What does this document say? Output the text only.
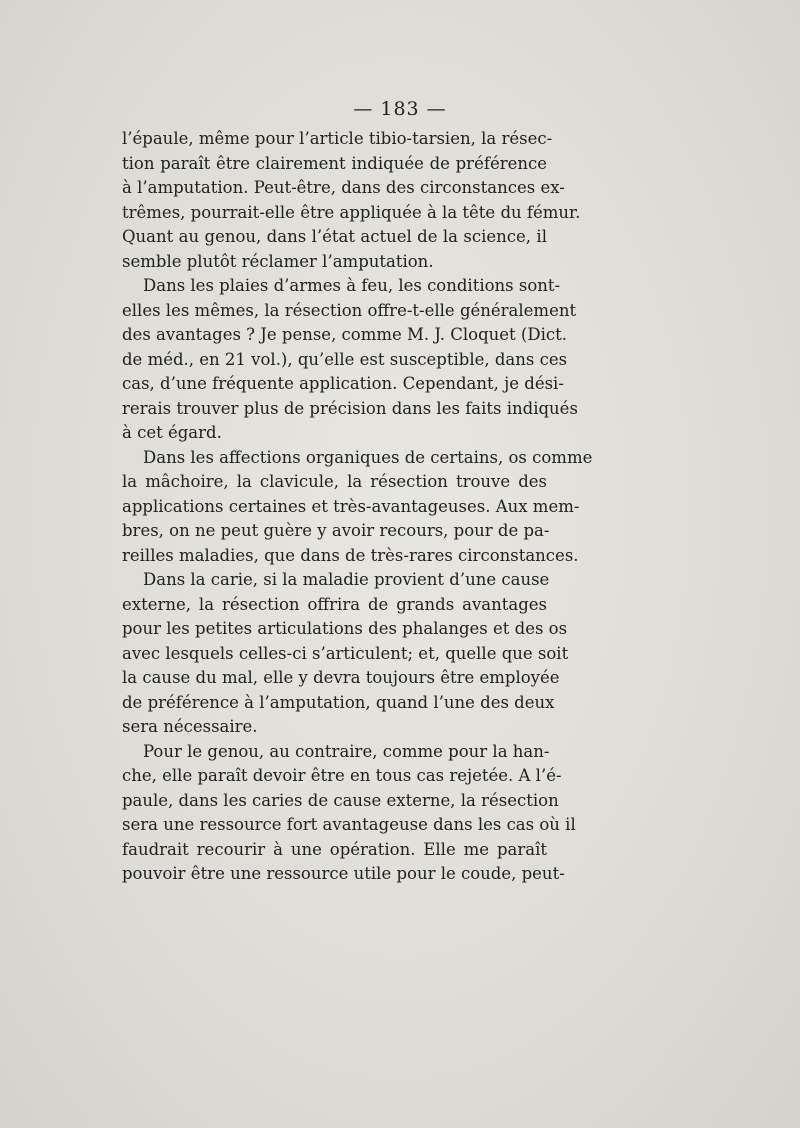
— 183 —
l’épaule, même pour l’article tibio-tarsien, la résec-
tion paraît être clairement indiquée de préférence
à l’amputation. Peut-être, dans des circonstances ex-
trêmes, pourrait-elle être appliquée à la tête du fémur.
Quant au genou, dans l’état actuel de la science, il
semble plutôt réclamer l’amputation.
Dans les plaies d’armes à feu, les conditions sont-
elles les mêmes, la résection offre-t-elle généralement
des avantages ? Je pense, comme M. J. Cloquet (Dict.
de méd., en 21 vol.), qu’elle est susceptible, dans ces
cas, d’une fréquente application. Cependant, je dési-
rerais trouver plus de précision dans les faits indiqués
à cet égard.
Dans les affections organiques de certains, os comme
la mâchoire, la clavicule, la résection trouve des
applications certaines et très-avantageuses. Aux mem-
bres, on ne peut guère y avoir recours, pour de pa-
reilles maladies, que dans de très-rares circonstances.
Dans la carie, si la maladie provient d’une cause
externe, la résection offrira de grands avantages
pour les petites articulations des phalanges et des os
avec lesquels celles-ci s’articulent; et, quelle que soit
la cause du mal, elle y devra toujours être employée
de préférence à l’amputation, quand l’une des deux
sera nécessaire.
Pour le genou, au contraire, comme pour la han-
che, elle paraît devoir être en tous cas rejetée. A l’é-
paule, dans les caries de cause externe, la résection
sera une ressource fort avantageuse dans les cas où il
faudrait recourir à une opération. Elle me paraît
pouvoir être une ressource utile pour le coude, peut-
